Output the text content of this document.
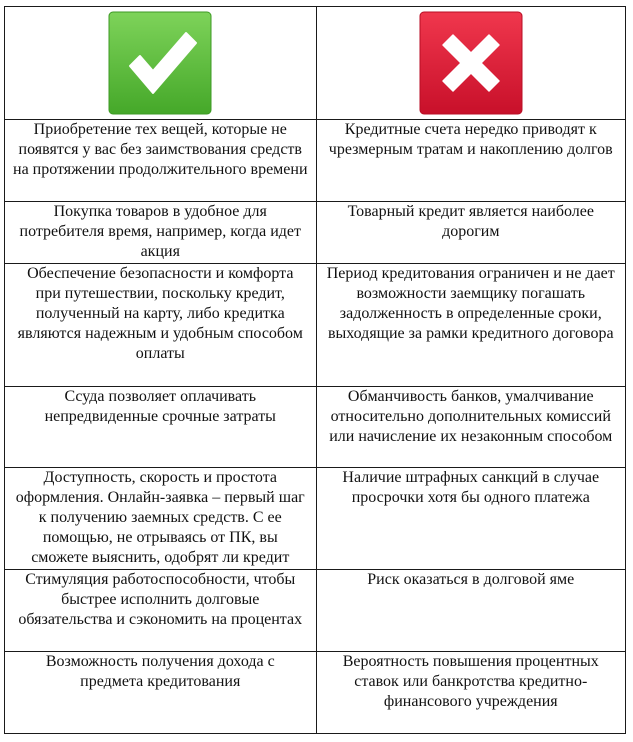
Приобретение тех вещей, которые не появятся у вас без заимствования средств на протяжении продолжительного времени	Кредитные счета нередко приводят к чрезмерным тратам и накоплению долгов
Покупка товаров в удобное для потребителя время, например, когда идет акция	Товарный кредит является наиболее дорогим
Обеспечение безопасности и комфорта при путешествии, поскольку кредит, полученный на карту, либо кредитка являются надежным и удобным способом оплаты	Период кредитования ограничен и не дает возможности заемщику погашать задолженность в определенные сроки, выходящие за рамки кредитного договора
Ссуда позволяет оплачивать непредвиденные срочные затраты	Обманчивость банков, умалчивание относительно дополнительных комиссий или начисление их незаконным способом
Доступность, скорость и простота оформления. Онлайн-заявка – первый шаг к получению заемных средств. С ее помощью, не отрываясь от ПК, вы сможете выяснить, одобрят ли кредит	Наличие штрафных санкций в случае просрочки хотя бы одного платежа
Стимуляция работоспособности, чтобы быстрее исполнить долговые обязательства и сэкономить на процентах	Риск оказаться в долговой яме
Возможность получения дохода с предмета кредитования	Вероятность повышения процентных ставок или банкротства кредитно-финансового учреждения
